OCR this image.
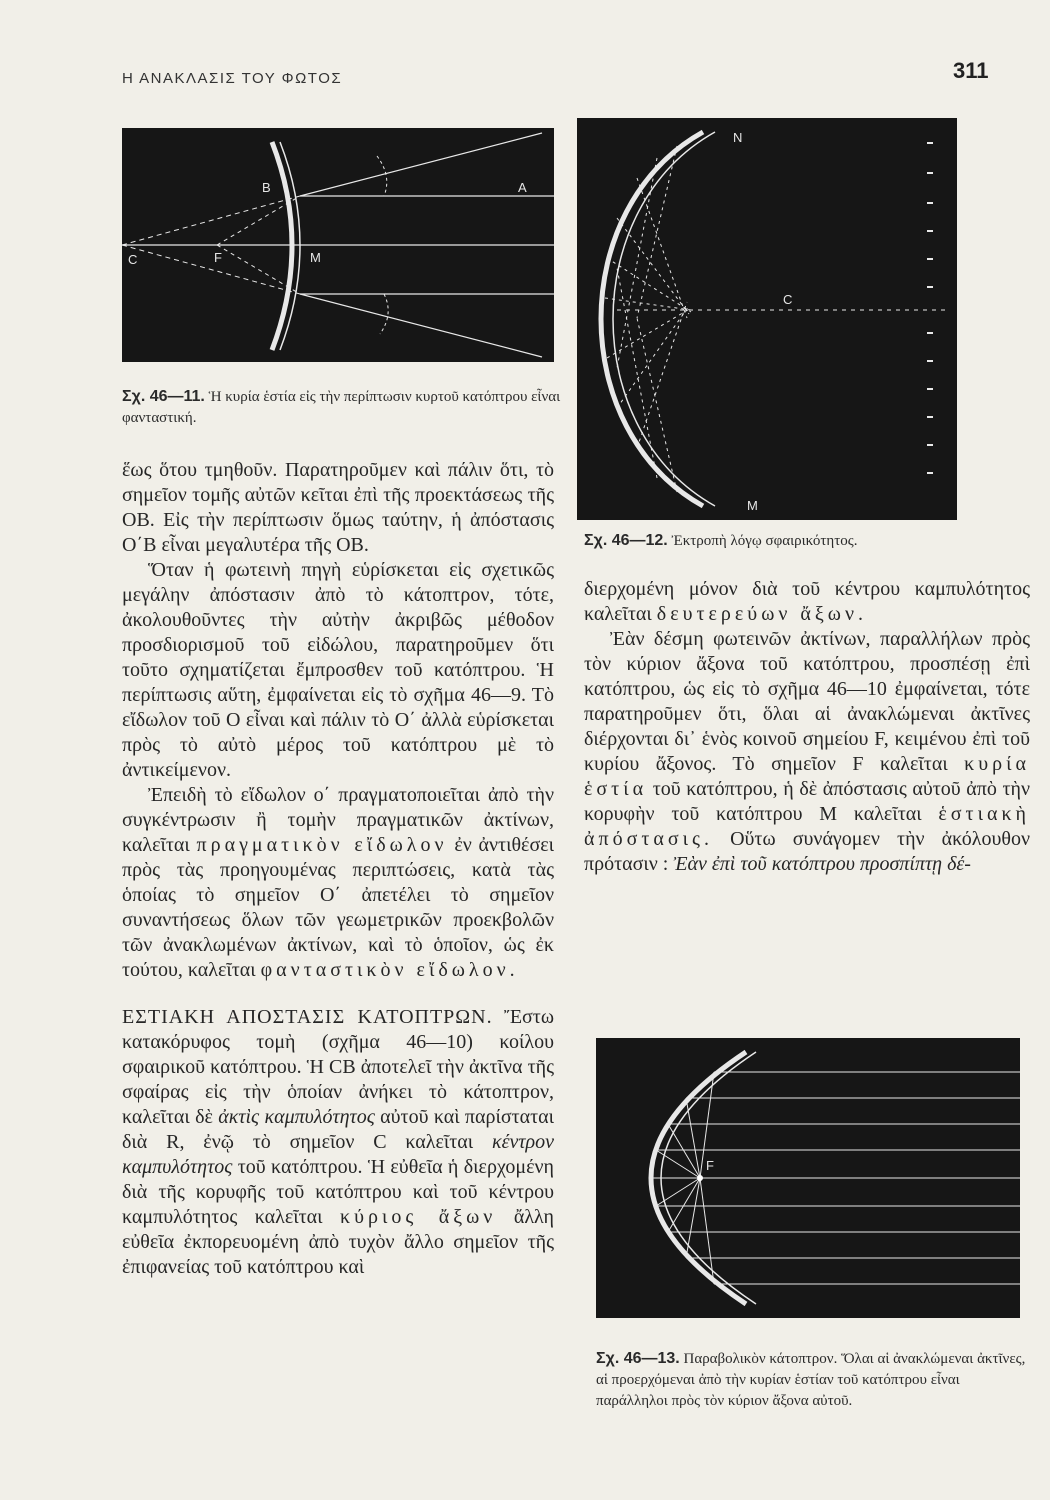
Η ΑΝΑΚΛΑΣΙΣ ΤΟΥ ΦΩΤΟΣ	311
B	A
C	F	M
Σχ. 46—11. Ἡ κυρία ἑστία εἰς τὴν περίπτωσιν κυρτοῦ κατόπτρου εἶναι φανταστική.
N
C
M
Σχ. 46—12. Ἐκτροπὴ λόγῳ σφαιρικότητος.
F
Σχ. 46—13. Παραβολικὸν κάτοπτρον. Ὅλαι αἱ ἀνακλώμεναι ἀκτῖνες, αἱ προερχόμεναι ἀπὸ τὴν κυρίαν ἑστίαν τοῦ κατόπτρου εἶναι παράλληλοι πρὸς τὸν κύριον ἄξονα αὐτοῦ.

ἕως ὅτου τμηθοῦν. Παρατηροῦμεν καὶ πάλιν ὅτι, τὸ σημεῖον τομῆς αὐτῶν κεῖται ἐπὶ τῆς προεκτάσεως τῆς OB. Εἰς τὴν περίπτωσιν ὅμως ταύτην, ἡ ἀπόστασις O΄B εἶναι μεγαλυτέρα τῆς OB.

Ὅταν ἡ φωτεινὴ πηγὴ εὑρίσκεται εἰς σχετικῶς μεγάλην ἀπόστασιν ἀπὸ τὸ κάτοπτρον, τότε, ἀκολουθοῦντες τὴν αὐτὴν ἀκριβῶς μέθοδον προσδιορισμοῦ τοῦ εἰδώλου, παρατηροῦμεν ὅτι τοῦτο σχηματίζεται ἔμπροσθεν τοῦ κατόπτρου. Ἡ περίπτωσις αὕτη, ἐμφαίνεται εἰς τὸ σχῆμα 46—9. Τὸ εἴδωλον τοῦ O εἶναι καὶ πάλιν τὸ O΄ ἀλλὰ εὑρίσκεται πρὸς τὸ αὐτὸ μέρος τοῦ κατόπτρου μὲ τὸ ἀντικείμενον.

Ἐπειδὴ τὸ εἴδωλον ο΄ πραγματοποιεῖται ἀπὸ τὴν συγκέντρωσιν ἢ τομὴν πραγματικῶν ἀκτίνων, καλεῖται πραγματικὸν εἴδωλον ἐν ἀντιθέσει πρὸς τὰς προηγουμένας περιπτώσεις, κατὰ τὰς ὁποίας τὸ σημεῖον O΄ ἀπετέλει τὸ σημεῖον συναντήσεως ὅλων τῶν γεωμετρικῶν προεκβολῶν τῶν ἀνακλωμένων ἀκτίνων, καὶ τὸ ὁποῖον, ὡς ἐκ τούτου, καλεῖται φανταστικὸν εἴδωλον.

ΕΣΤΙΑΚΗ ΑΠΟΣΤΑΣΙΣ ΚΑΤΟΠΤΡΩΝ. Ἔστω κατακόρυφος τομὴ (σχῆμα 46—10) κοίλου σφαιρικοῦ κατόπτρου. Ἡ CB ἀποτελεῖ τὴν ἀκτῖνα τῆς σφαίρας εἰς τὴν ὁποίαν ἀνήκει τὸ κάτοπτρον, καλεῖται δὲ ἀκτὶς καμπυλότητος αὐτοῦ καὶ παρίσταται διὰ R, ἐνῷ τὸ σημεῖον C καλεῖται κέντρον καμπυλότητος τοῦ κατόπτρου. Ἡ εὐθεῖα ἡ διερχομένη διὰ τῆς κορυφῆς τοῦ κατόπτρου καὶ τοῦ κέντρου καμπυλότητος καλεῖται κύριος ἄξων ἄλλη εὐθεῖα ἐκπορευομένη ἀπὸ τυχὸν ἄλλο σημεῖον τῆς ἐπιφανείας τοῦ κατόπτρου καὶ

διερχομένη μόνον διὰ τοῦ κέντρου καμπυλότητος καλεῖται δευτερεύων ἄξων.

Ἐὰν δέσμη φωτεινῶν ἀκτίνων, παραλλήλων πρὸς τὸν κύριον ἄξονα τοῦ κατόπτρου, προσπέσῃ ἐπὶ κατόπτρου, ὡς εἰς τὸ σχῆμα 46—10 ἐμφαίνεται, τότε παρατηροῦμεν ὅτι, ὅλαι αἱ ἀνακλώμεναι ἀκτῖνες διέρχονται δι᾿ ἑνὸς κοινοῦ σημείου F, κειμένου ἐπὶ τοῦ κυρίου ἄξονος. Τὸ σημεῖον F καλεῖται κυρία ἑστία τοῦ κατόπτρου, ἡ δὲ ἀπόστασις αὐτοῦ ἀπὸ τὴν κορυφὴν τοῦ κατόπτρου M καλεῖται ἑστιακὴ ἀπόστασις. Οὕτω συνάγομεν τὴν ἀκόλουθον πρότασιν : Ἐὰν ἐπὶ τοῦ κατόπτρου προσπίπτῃ δέ-
